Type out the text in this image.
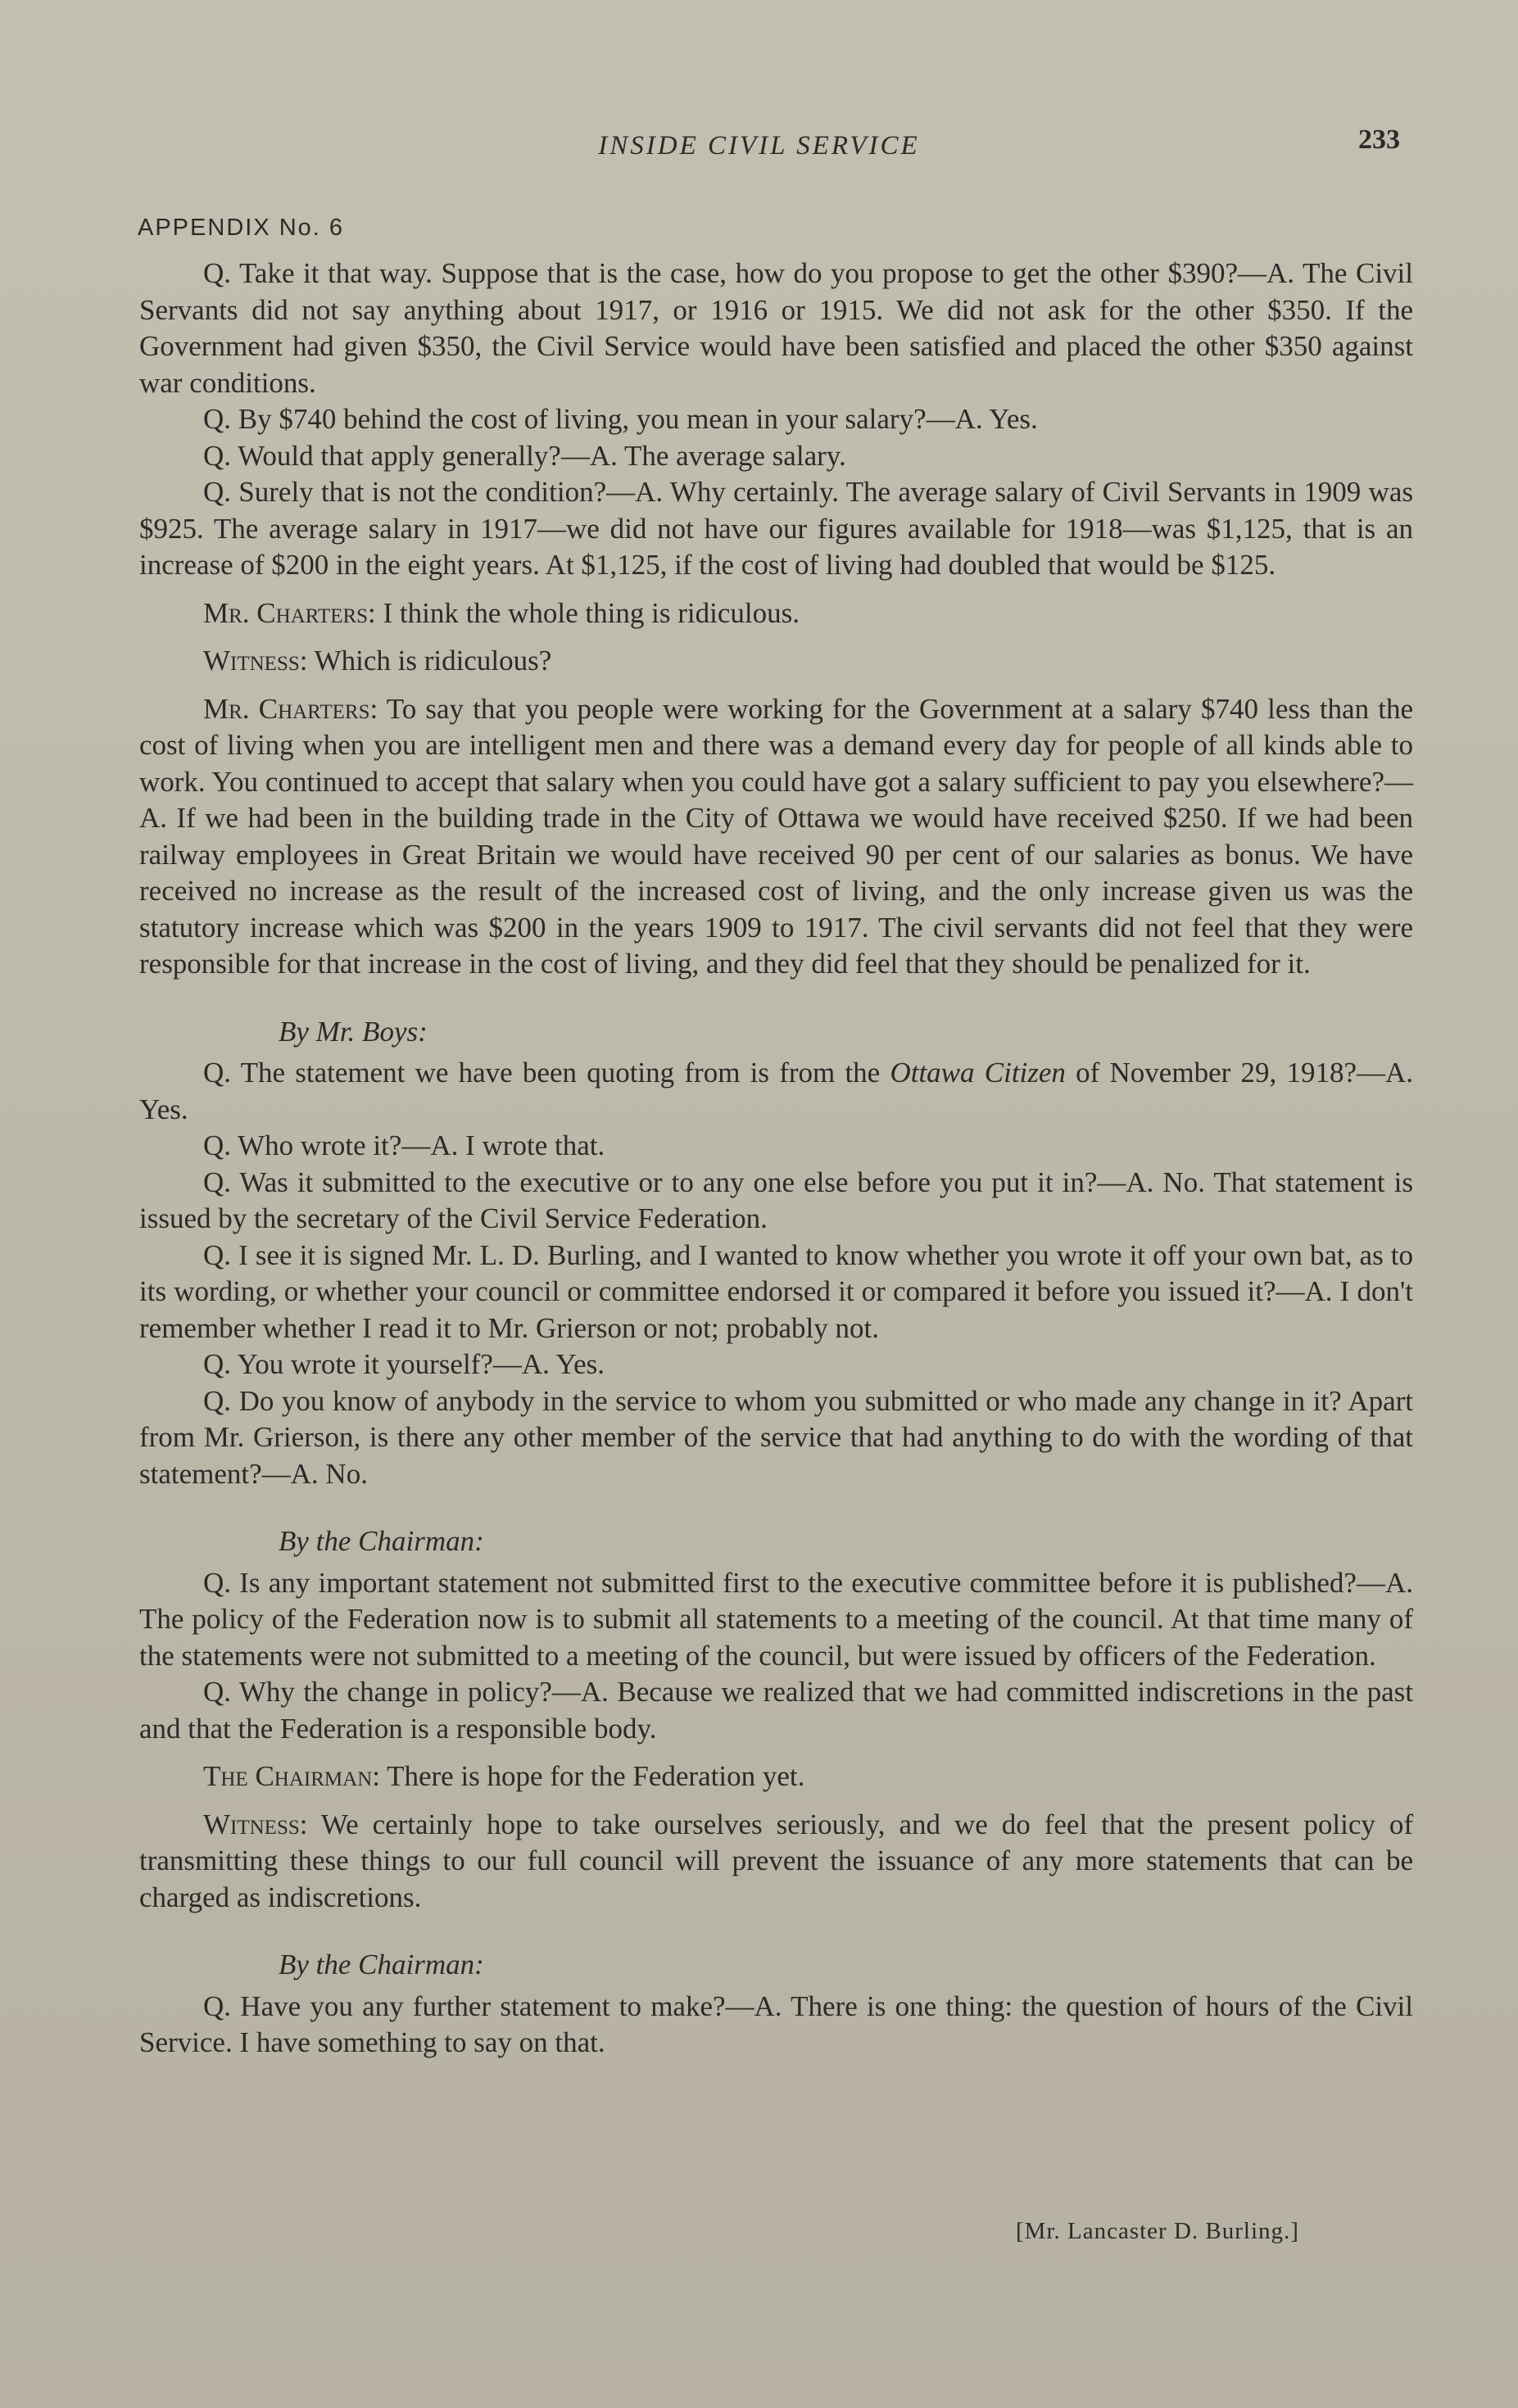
INSIDE CIVIL SERVICE	233
APPENDIX No. 6

Q. Take it that way. Suppose that is the case, how do you propose to get the other $390?—A. The Civil Servants did not say anything about 1917, or 1916 or 1915. We did not ask for the other $350. If the Government had given $350, the Civil Service would have been satisfied and placed the other $350 against war conditions.

Q. By $740 behind the cost of living, you mean in your salary?—A. Yes.

Q. Would that apply generally?—A. The average salary.

Q. Surely that is not the condition?—A. Why certainly. The average salary of Civil Servants in 1909 was $925. The average salary in 1917—we did not have our figures available for 1918—was $1,125, that is an increase of $200 in the eight years. At $1,125, if the cost of living had doubled that would be $125.

Mr. Charters: I think the whole thing is ridiculous.

Witness: Which is ridiculous?

Mr. Charters: To say that you people were working for the Government at a salary $740 less than the cost of living when you are intelligent men and there was a demand every day for people of all kinds able to work. You continued to accept that salary when you could have got a salary sufficient to pay you elsewhere?—A. If we had been in the building trade in the City of Ottawa we would have received $250. If we had been railway employees in Great Britain we would have received 90 per cent of our salaries as bonus. We have received no increase as the result of the increased cost of living, and the only increase given us was the statutory increase which was $200 in the years 1909 to 1917. The civil servants did not feel that they were responsible for that increase in the cost of living, and they did feel that they should be penalized for it.

By Mr. Boys:

Q. The statement we have been quoting from is from the Ottawa Citizen of November 29, 1918?—A. Yes.

Q. Who wrote it?—A. I wrote that.

Q. Was it submitted to the executive or to any one else before you put it in?—A. No. That statement is issued by the secretary of the Civil Service Federation.

Q. I see it is signed Mr. L. D. Burling, and I wanted to know whether you wrote it off your own bat, as to its wording, or whether your council or committee endorsed it or compared it before you issued it?—A. I don't remember whether I read it to Mr. Grierson or not; probably not.

Q. You wrote it yourself?—A. Yes.

Q. Do you know of anybody in the service to whom you submitted or who made any change in it? Apart from Mr. Grierson, is there any other member of the service that had anything to do with the wording of that statement?—A. No.

By the Chairman:

Q. Is any important statement not submitted first to the executive committee before it is published?—A. The policy of the Federation now is to submit all statements to a meeting of the council. At that time many of the statements were not submitted to a meeting of the council, but were issued by officers of the Federation.

Q. Why the change in policy?—A. Because we realized that we had committed indiscretions in the past and that the Federation is a responsible body.

The Chairman: There is hope for the Federation yet.

Witness: We certainly hope to take ourselves seriously, and we do feel that the present policy of transmitting these things to our full council will prevent the issuance of any more statements that can be charged as indiscretions.

By the Chairman:

Q. Have you any further statement to make?—A. There is one thing: the question of hours of the Civil Service. I have something to say on that.

[Mr. Lancaster D. Burling.]
